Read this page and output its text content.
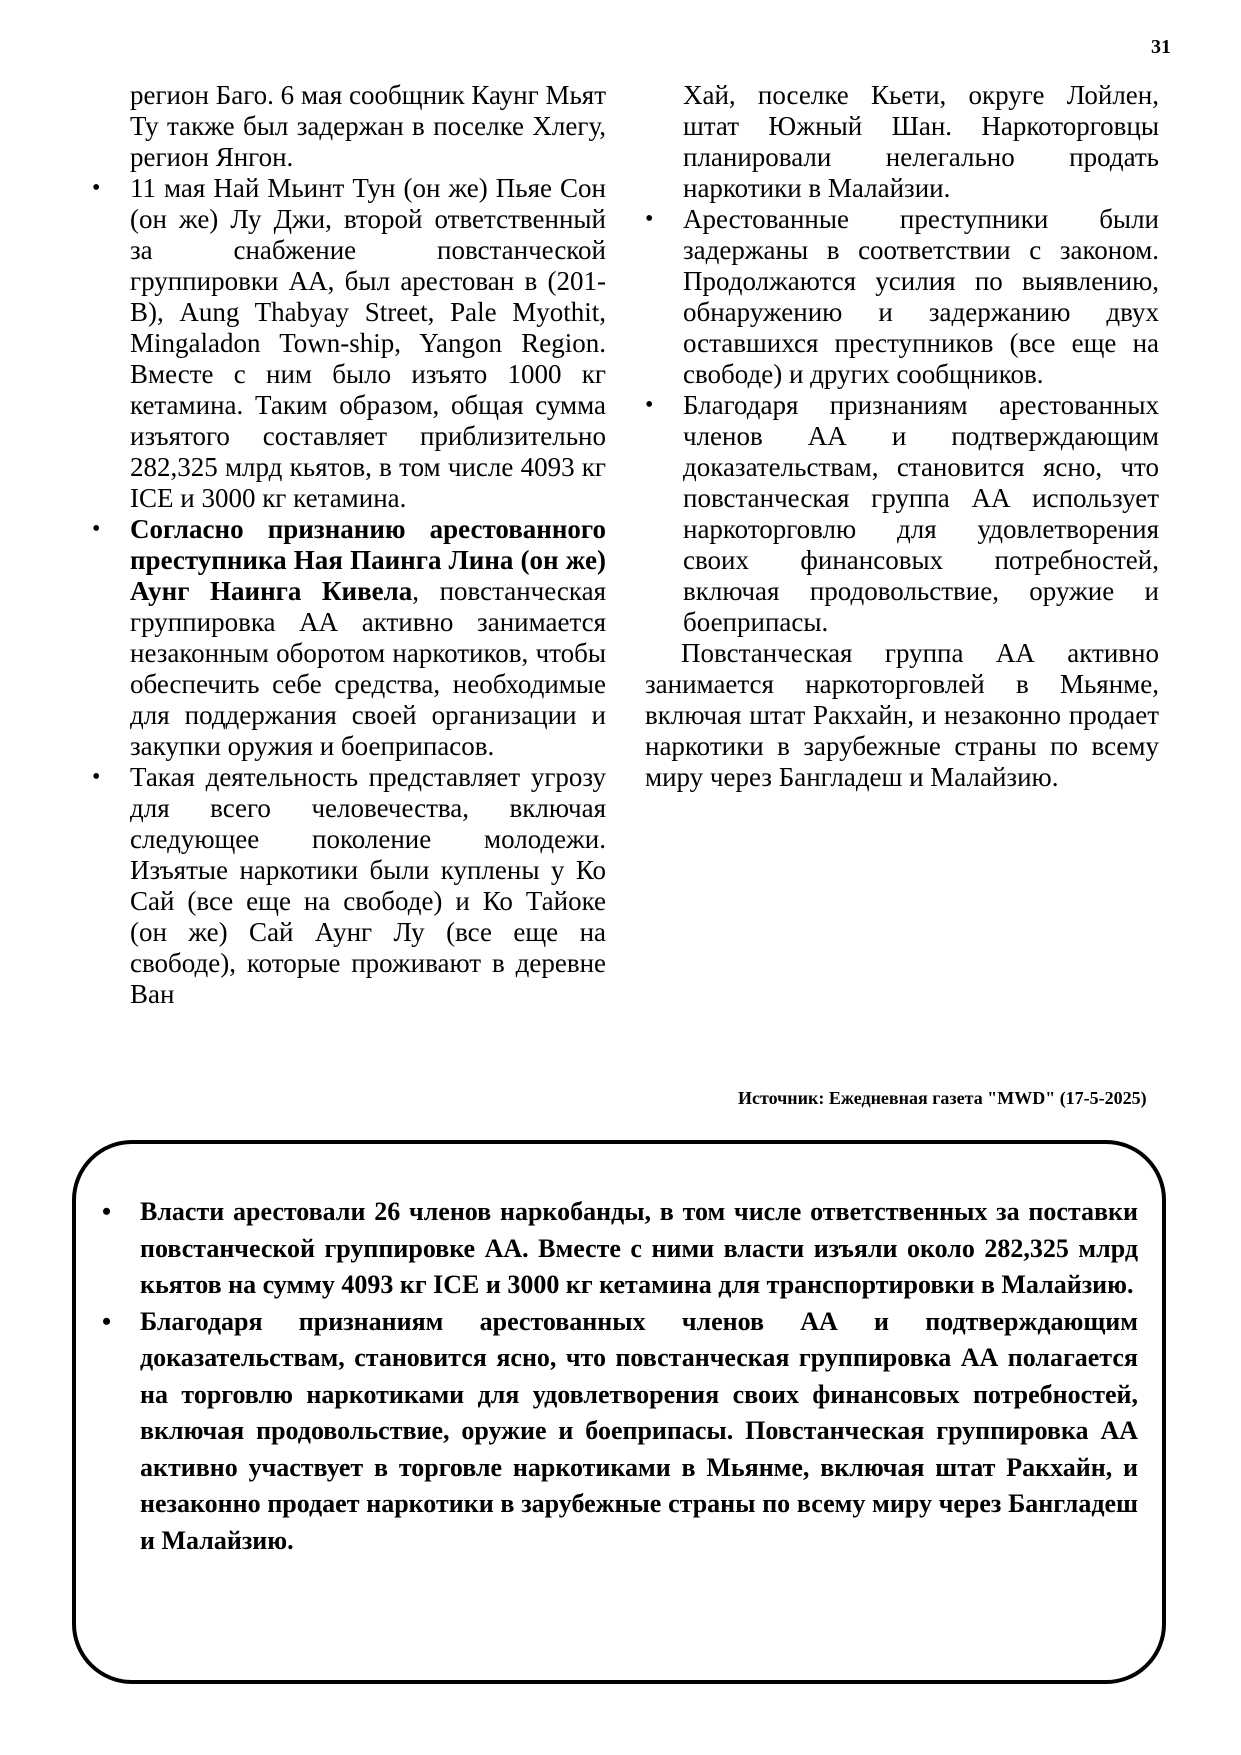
31

регион Баго. 6 мая сообщник Каунг Мьят Ту также был задержан в поселке Хлегу, регион Янгон.

• 11 мая Най Мьинт Тун (он же) Пьяе Сон (он же) Лу Джи, второй ответственный за снабжение повстанческой группировки АА, был арестован в (201-B), Aung Thabyay Street, Pale Myothit, Mingaladon Town-ship, Yangon Region. Вместе с ним было изъято 1000 кг кетамина. Таким образом, общая сумма изъятого составляет приблизительно 282,325 млрд кьятов, в том числе 4093 кг ICE и 3000 кг кетамина.
• Согласно признанию арестованного преступника Ная Паинга Лина (он же) Аунг Наинга Кивела, повстанческая группировка АА активно занимается незаконным оборотом наркотиков, чтобы обеспечить себе средства, необходимые для поддержания своей организации и закупки оружия и боеприпасов.
• Такая деятельность представляет угрозу для всего человечества, включая следующее поколение молодежи. Изъятые наркотики были куплены у Ко Сай (все еще на свободе) и Ко Тайоке (он же) Сай Аунг Лу (все еще на свободе), которые проживают в деревне Ван

Хай, поселке Кьети, округе Лойлен, штат Южный Шан. Наркоторговцы планировали нелегально продать наркотики в Малайзии.

• Арестованные преступники были задержаны в соответствии с законом. Продолжаются усилия по выявлению, обнаружению и задержанию двух оставшихся преступников (все еще на свободе) и других сообщников.
• Благодаря признаниям арестованных членов АА и подтверждающим доказательствам, становится ясно, что повстанческая группа АА использует наркоторговлю для удовлетворения своих финансовых потребностей, включая продовольствие, оружие и боеприпасы.

Повстанческая группа АА активно занимается наркоторговлей в Мьянме, включая штат Ракхайн, и незаконно продает наркотики в зарубежные страны по всему миру через Бангладеш и Малайзию.

Источник: Ежедневная газета "MWD" (17-5-2025)
• Власти арестовали 26 членов наркобанды, в том числе ответственных за поставки повстанческой группировке АА. Вместе с ними власти изъяли около 282,325 млрд кьятов на сумму 4093 кг ICE и 3000 кг кетамина для транспортировки в Малайзию.
• Благодаря признаниям арестованных членов АА и подтверждающим доказательствам, становится ясно, что повстанческая группировка АА полагается на торговлю наркотиками для удовлетворения своих финансовых потребностей, включая продовольствие, оружие и боеприпасы. Повстанческая группировка АА активно участвует в торговле наркотиками в Мьянме, включая штат Ракхайн, и незаконно продает наркотики в зарубежные страны по всему миру через Бангладеш и Малайзию.
